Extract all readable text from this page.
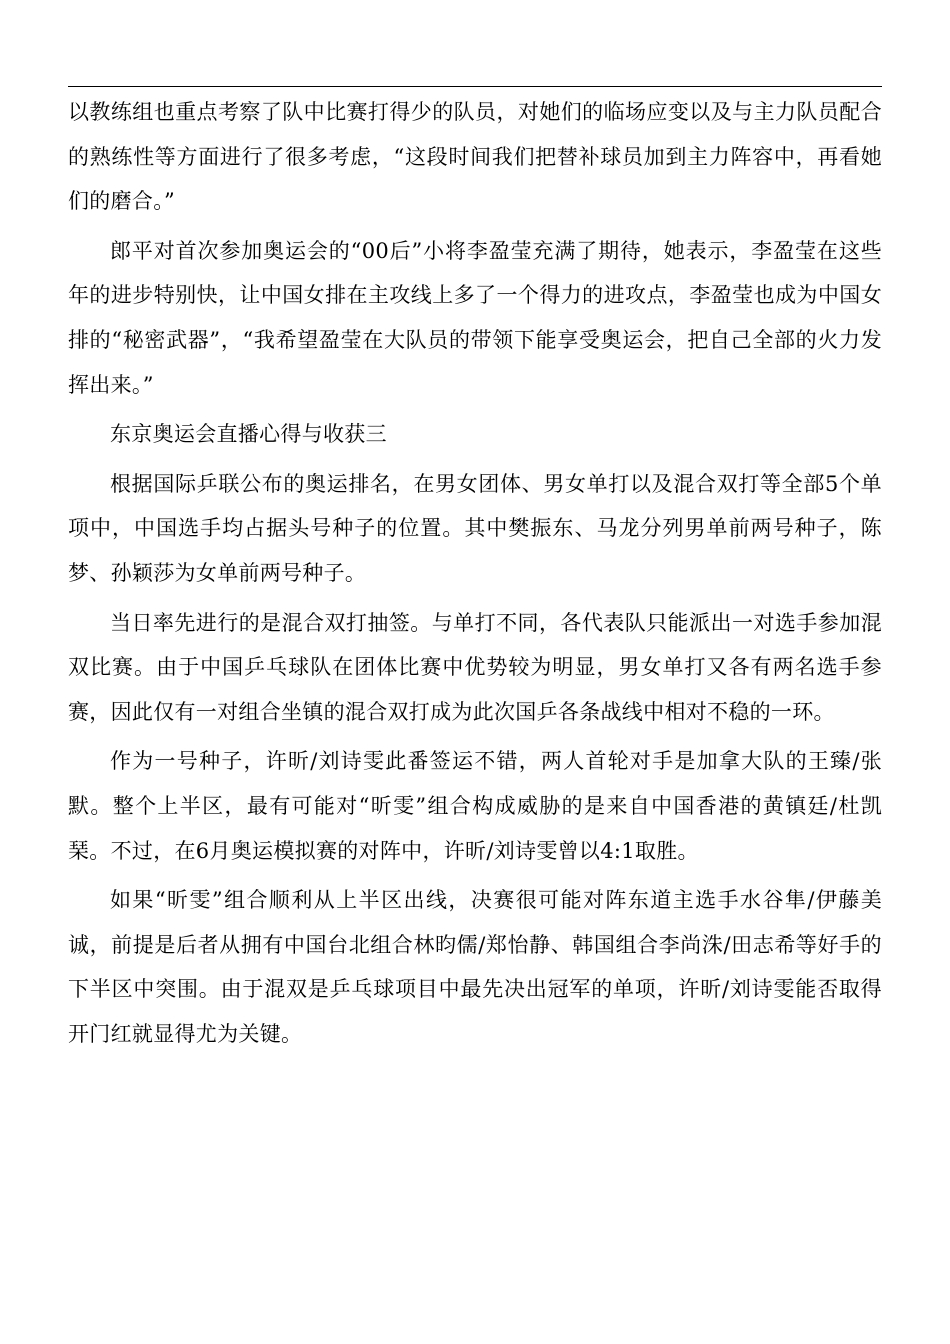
以教练组也重点考察了队中比赛打得少的队员，对她们的临场应变以及与主力队员配合的熟练性等方面进行了很多考虑，“这段时间我们把替补球员加到主力阵容中，再看她们的磨合。”

郎平对首次参加奥运会的“00后”小将李盈莹充满了期待，她表示，李盈莹在这些年的进步特别快，让中国女排在主攻线上多了一个得力的进攻点，李盈莹也成为中国女排的“秘密武器”，“我希望盈莹在大队员的带领下能享受奥运会，把自己全部的火力发挥出来。”

东京奥运会直播心得与收获三

根据国际乒联公布的奥运排名，在男女团体、男女单打以及混合双打等全部5个单项中，中国选手均占据头号种子的位置。其中樊振东、马龙分列男单前两号种子，陈梦、孙颖莎为女单前两号种子。

当日率先进行的是混合双打抽签。与单打不同，各代表队只能派出一对选手参加混双比赛。由于中国乒乓球队在团体比赛中优势较为明显，男女单打又各有两名选手参赛，因此仅有一对组合坐镇的混合双打成为此次国乒各条战线中相对不稳的一环。

作为一号种子，许昕/刘诗雯此番签运不错，两人首轮对手是加拿大队的王臻/张默。整个上半区，最有可能对“昕雯”组合构成威胁的是来自中国香港的黄镇廷/杜凯琹。不过，在6月奥运模拟赛的对阵中，许昕/刘诗雯曾以4:1取胜。

如果“昕雯”组合顺利从上半区出线，决赛很可能对阵东道主选手水谷隼/伊藤美诚，前提是后者从拥有中国台北组合林昀儒/郑怡静、韩国组合李尚洙/田志希等好手的下半区中突围。由于混双是乒乓球项目中最先决出冠军的单项，许昕/刘诗雯能否取得开门红就显得尤为关键。
